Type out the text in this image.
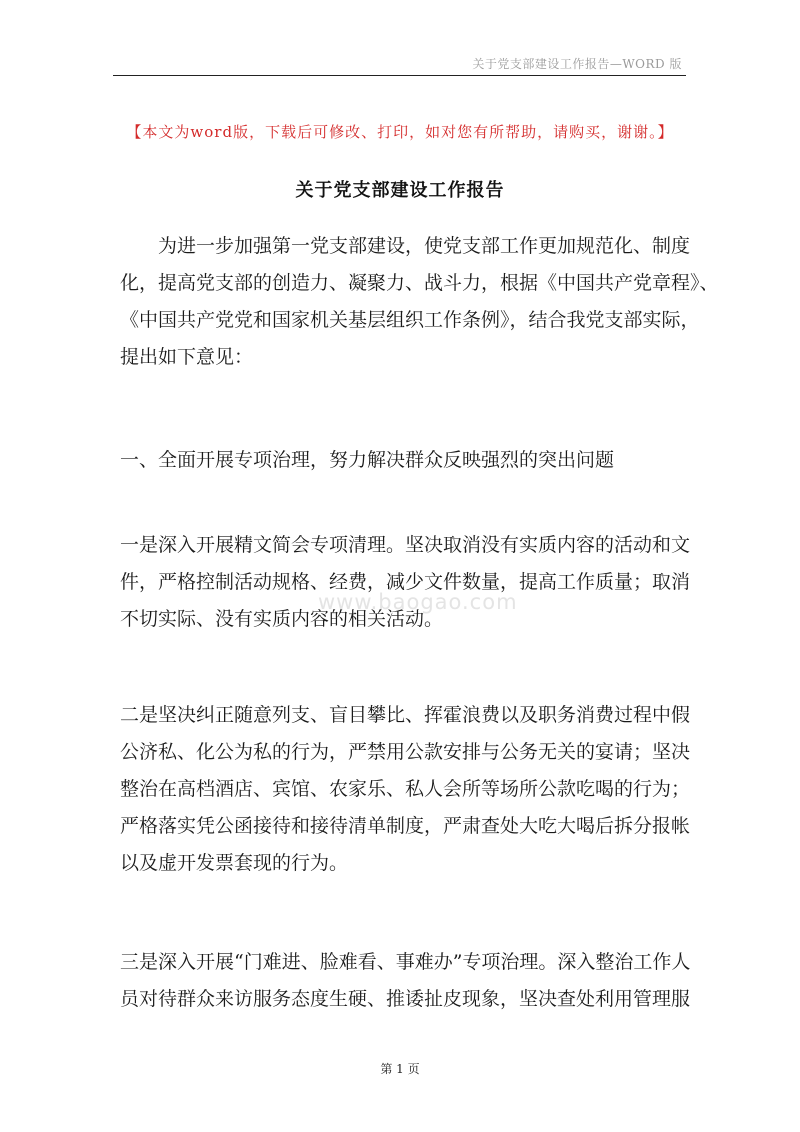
关于党支部建设工作报告—WORD 版
【本文为word版，下载后可修改、打印，如对您有所帮助，请购买，谢谢。】
关于党支部建设工作报告
www.baogao.com
为进一步加强第一党支部建设，使党支部工作更加规范化、制度
化，提高党支部的创造力、凝聚力、战斗力，根据《中国共产党章程》、
《中国共产党党和国家机关基层组织工作条例》，结合我党支部实际，
提出如下意见：
一、全面开展专项治理，努力解决群众反映强烈的突出问题
一是深入开展精文简会专项清理。坚决取消没有实质内容的活动和文
件，严格控制活动规格、经费，减少文件数量，提高工作质量；取消
不切实际、没有实质内容的相关活动。
二是坚决纠正随意列支、盲目攀比、挥霍浪费以及职务消费过程中假
公济私、化公为私的行为，严禁用公款安排与公务无关的宴请；坚决
整治在高档酒店、宾馆、农家乐、私人会所等场所公款吃喝的行为；
严格落实凭公函接待和接待清单制度，严肃查处大吃大喝后拆分报帐
以及虚开发票套现的行为。
三是深入开展“门难进、脸难看、事难办”专项治理。深入整治工作人
员对待群众来访服务态度生硬、推诿扯皮现象，坚决查处利用管理服
第 1 页
